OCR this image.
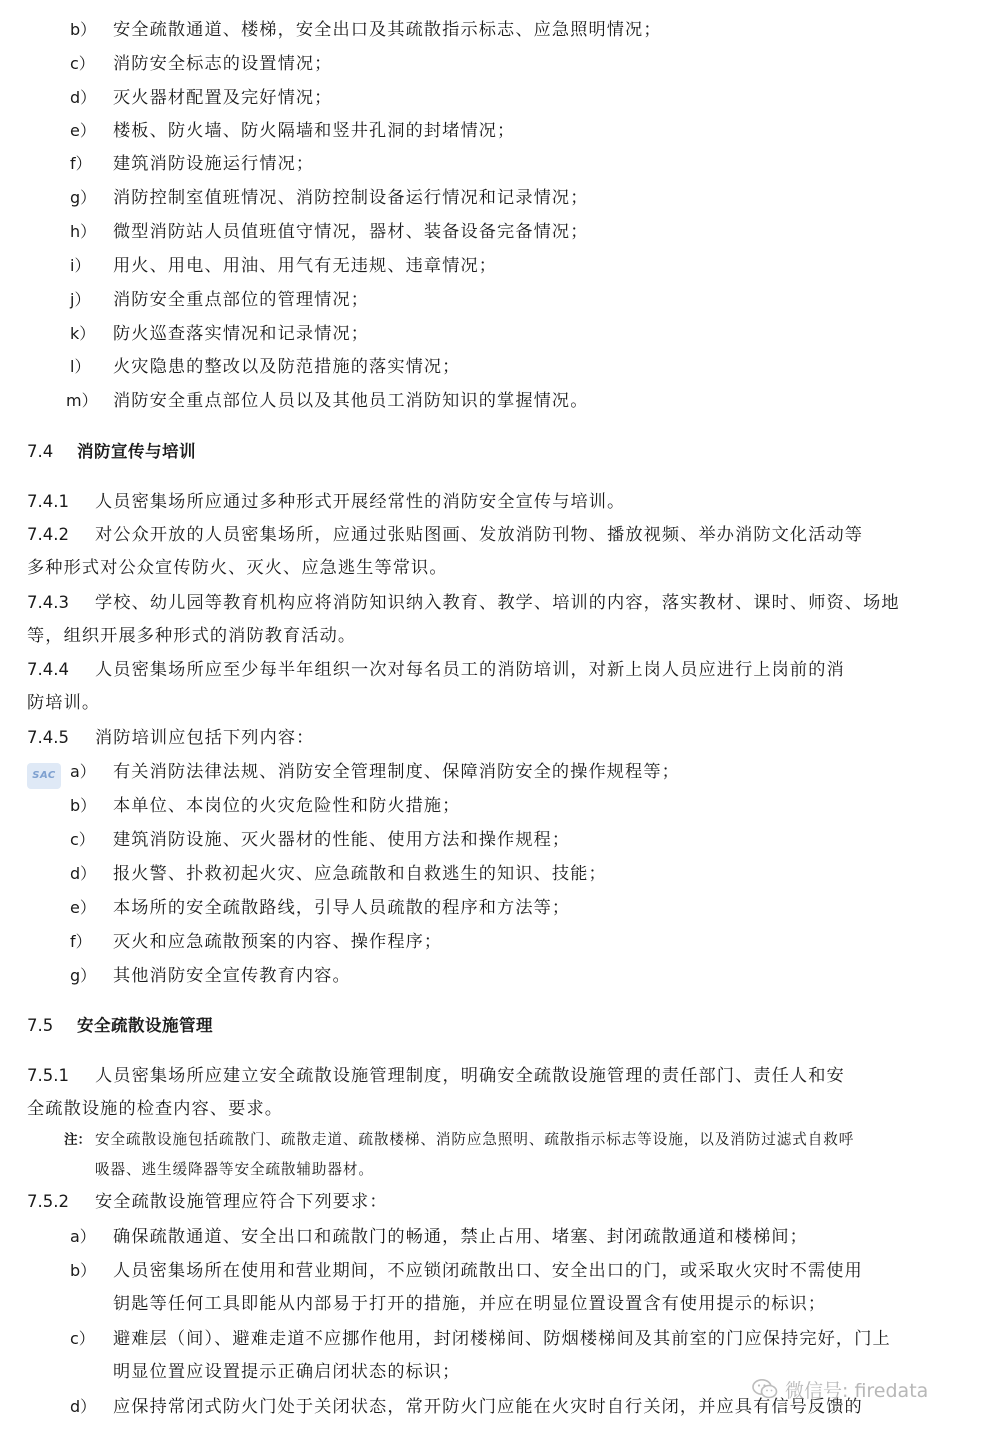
b） 安全疏散通道、楼梯，安全出口及其疏散指示标志、应急照明情况；
c） 消防安全标志的设置情况；
d） 灭火器材配置及完好情况；
e） 楼板、防火墙、防火隔墙和竖井孔洞的封堵情况；
f） 建筑消防设施运行情况；
g） 消防控制室值班情况、消防控制设备运行情况和记录情况；
h） 微型消防站人员值班值守情况，器材、装备设备完备情况；
i） 用火、用电、用油、用气有无违规、违章情况；
j） 消防安全重点部位的管理情况；
k） 防火巡查落实情况和记录情况；
l） 火灾隐患的整改以及防范措施的落实情况；
m） 消防安全重点部位人员以及其他员工消防知识的掌握情况。
7.4 消防宣传与培训
7.4.1 人员密集场所应通过多种形式开展经常性的消防安全宣传与培训。
7.4.2 对公众开放的人员密集场所，应通过张贴图画、发放消防刊物、播放视频、举办消防文化活动等
多种形式对公众宣传防火、灭火、应急逃生等常识。
7.4.3 学校、幼儿园等教育机构应将消防知识纳入教育、教学、培训的内容，落实教材、课时、师资、场地
等，组织开展多种形式的消防教育活动。
7.4.4 人员密集场所应至少每半年组织一次对每名员工的消防培训，对新上岗人员应进行上岗前的消
防培训。
7.4.5 消防培训应包括下列内容：
SAC a） 有关消防法律法规、消防安全管理制度、保障消防安全的操作规程等；
b） 本单位、本岗位的火灾危险性和防火措施；
c） 建筑消防设施、灭火器材的性能、使用方法和操作规程；
d） 报火警、扑救初起火灾、应急疏散和自救逃生的知识、技能；
e） 本场所的安全疏散路线，引导人员疏散的程序和方法等；
f） 灭火和应急疏散预案的内容、操作程序；
g） 其他消防安全宣传教育内容。
7.5 安全疏散设施管理
7.5.1 人员密集场所应建立安全疏散设施管理制度，明确安全疏散设施管理的责任部门、责任人和安
全疏散设施的检查内容、要求。
注： 安全疏散设施包括疏散门、疏散走道、疏散楼梯、消防应急照明、疏散指示标志等设施，以及消防过滤式自救呼
吸器、逃生缓降器等安全疏散辅助器材。
7.5.2 安全疏散设施管理应符合下列要求：
a） 确保疏散通道、安全出口和疏散门的畅通，禁止占用、堵塞、封闭疏散通道和楼梯间；
b） 人员密集场所在使用和营业期间，不应锁闭疏散出口、安全出口的门，或采取火灾时不需使用
钥匙等任何工具即能从内部易于打开的措施，并应在明显位置设置含有使用提示的标识；
c） 避难层（间）、避难走道不应挪作他用，封闭楼梯间、防烟楼梯间及其前室的门应保持完好，门上
明显位置应设置提示正确启闭状态的标识；
d） 应保持常闭式防火门处于关闭状态，常开防火门应能在火灾时自行关闭，并应具有信号反馈的
微信号: firedata
